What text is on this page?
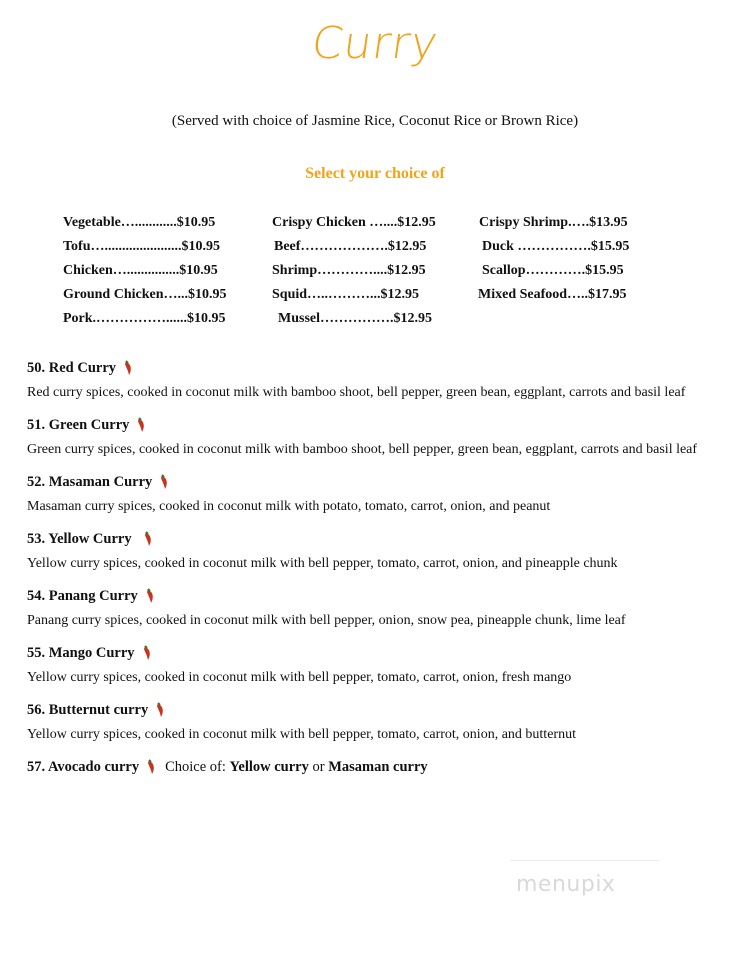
Curry
(Served with choice of Jasmine Rice, Coconut Rice or Brown Rice)
Select your choice of
Vegetable…............$10.95	Crispy Chicken …....$12.95	Crispy Shrimp.….$13.95
Tofu…......................$10.95	Beef……………….$12.95	Duck …………….$15.95
Chicken…...............$10.95	Shrimp…………....$12.95	Scallop………….$15.95
Ground Chicken…...$10.95	Squid…..………...$12.95	Mixed Seafood…..$17.95
Pork.……………......$10.95	Mussel…………….$12.95
50. Red Curry
Red curry spices, cooked in coconut milk with bamboo shoot, bell pepper, green bean, eggplant, carrots and basil leaf
51. Green Curry
Green curry spices, cooked in coconut milk with bamboo shoot, bell pepper, green bean, eggplant, carrots and basil leaf
52. Masaman Curry
Masaman curry spices, cooked in coconut milk with potato, tomato, carrot, onion, and peanut
53. Yellow Curry
Yellow curry spices, cooked in coconut milk with bell pepper, tomato, carrot, onion, and pineapple chunk
54. Panang Curry
Panang curry spices, cooked in coconut milk with bell pepper, onion, snow pea, pineapple chunk, lime leaf
55. Mango Curry
Yellow curry spices, cooked in coconut milk with bell pepper, tomato, carrot, onion, fresh mango
56. Butternut curry
Yellow curry spices, cooked in coconut milk with bell pepper, tomato, carrot, onion, and butternut
57. Avocado curry Choice of: Yellow curry or Masaman curry
menupix
